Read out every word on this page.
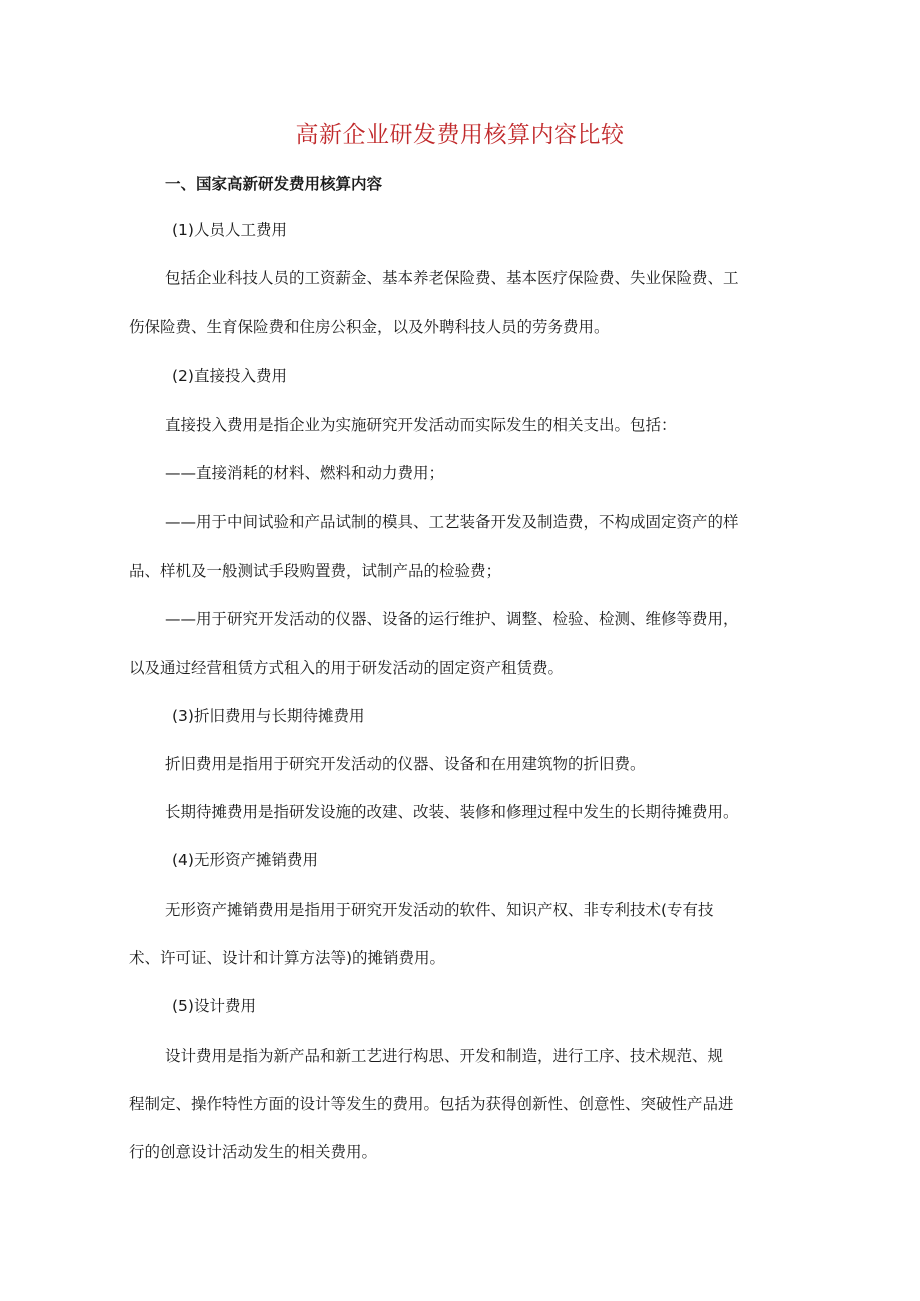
高新企业研发费用核算内容比较
一、国家高新研发费用核算内容
(1)人员人工费用
包括企业科技人员的工资薪金、基本养老保险费、基本医疗保险费、失业保险费、工
伤保险费、生育保险费和住房公积金，以及外聘科技人员的劳务费用。
(2)直接投入费用
直接投入费用是指企业为实施研究开发活动而实际发生的相关支出。包括：
——直接消耗的材料、燃料和动力费用；
——用于中间试验和产品试制的模具、工艺装备开发及制造费，不构成固定资产的样
品、样机及一般测试手段购置费，试制产品的检验费；
——用于研究开发活动的仪器、设备的运行维护、调整、检验、检测、维修等费用，
以及通过经营租赁方式租入的用于研发活动的固定资产租赁费。
(3)折旧费用与长期待摊费用
折旧费用是指用于研究开发活动的仪器、设备和在用建筑物的折旧费。
长期待摊费用是指研发设施的改建、改装、装修和修理过程中发生的长期待摊费用。
(4)无形资产摊销费用
无形资产摊销费用是指用于研究开发活动的软件、知识产权、非专利技术(专有技
术、许可证、设计和计算方法等)的摊销费用。
(5)设计费用
设计费用是指为新产品和新工艺进行构思、开发和制造，进行工序、技术规范、规
程制定、操作特性方面的设计等发生的费用。包括为获得创新性、创意性、突破性产品进
行的创意设计活动发生的相关费用。
